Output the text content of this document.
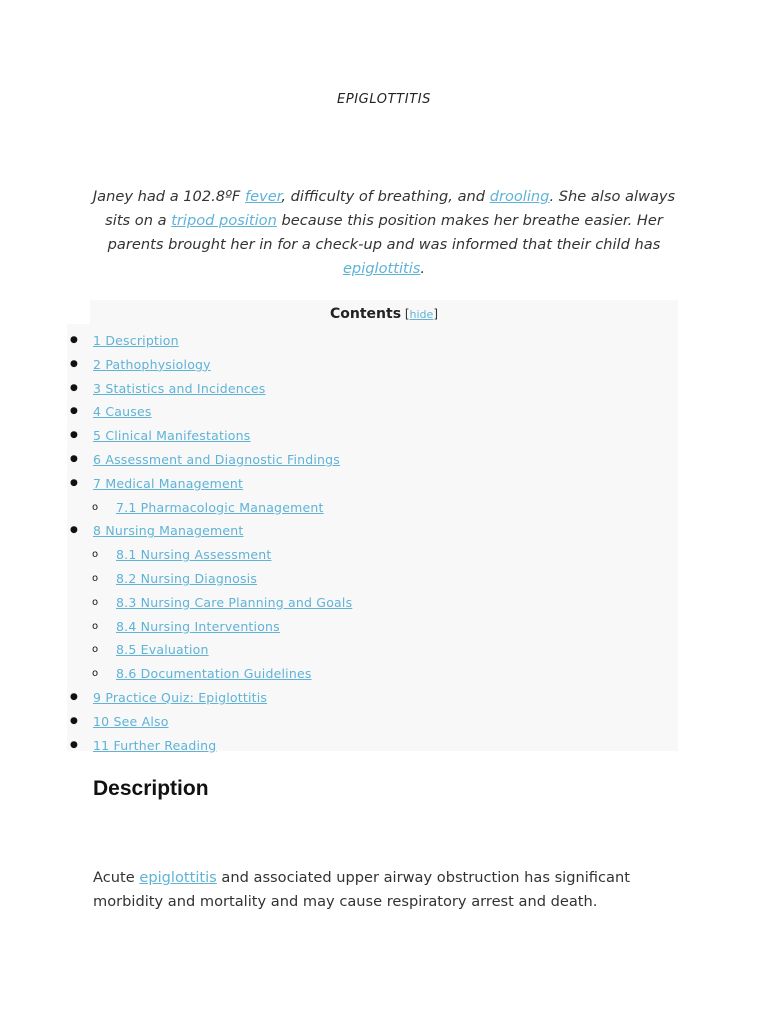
EPIGLOTTITIS

Janey had a 102.8ºF fever, difficulty of breathing, and drooling. She also always sits on a tripod position because this position makes her breathe easier. Her parents brought her in for a check-up and was informed that their child has epiglottitis.

Contents [hide]
● 1 Description
● 2 Pathophysiology
● 3 Statistics and Incidences
● 4 Causes
● 5 Clinical Manifestations
● 6 Assessment and Diagnostic Findings
● 7 Medical Management
o 7.1 Pharmacologic Management
● 8 Nursing Management
o 8.1 Nursing Assessment
o 8.2 Nursing Diagnosis
o 8.3 Nursing Care Planning and Goals
o 8.4 Nursing Interventions
o 8.5 Evaluation
o 8.6 Documentation Guidelines
● 9 Practice Quiz: Epiglottitis
● 10 See Also
● 11 Further Reading
Description

Acute epiglottitis and associated upper airway obstruction has significant morbidity and mortality and may cause respiratory arrest and death.
